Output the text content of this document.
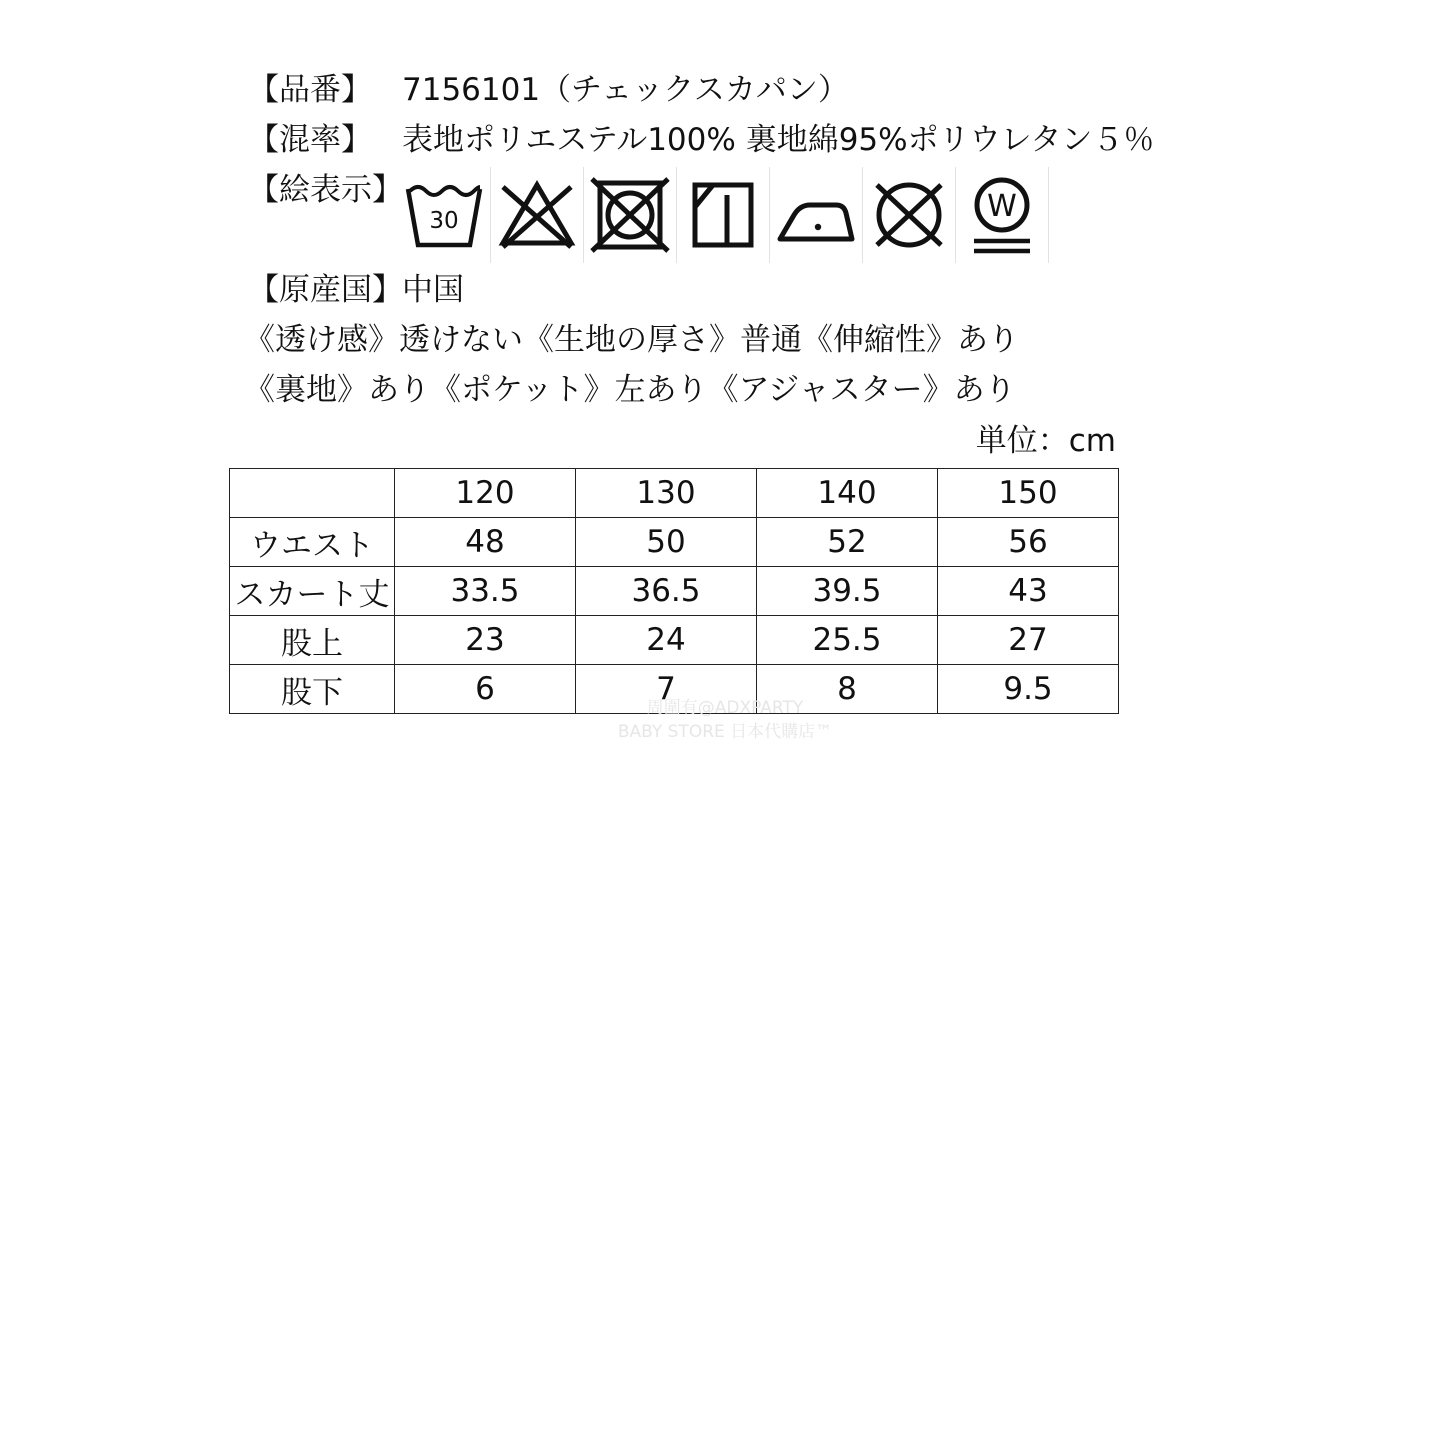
【品番】 7156101（チェックスカパン）
【混率】 表地ポリエステル100% 裏地綿95%ポリウレタン５％
【絵表示】
30	W
【原産国】 中国
《透け感》透けない《生地の厚さ》普通《伸縮性》あり
《裏地》あり《ポケット》左あり《アジャスター》あり
単位：cm
	120	130	140	150
ウエスト	48	50	52	56
スカート丈	33.5	36.5	39.5	43
股上	23	24	25.5	27
股下	6	7	8	9.5
周圍有@ADXPARTY
BABY STORE 日本代購店™
